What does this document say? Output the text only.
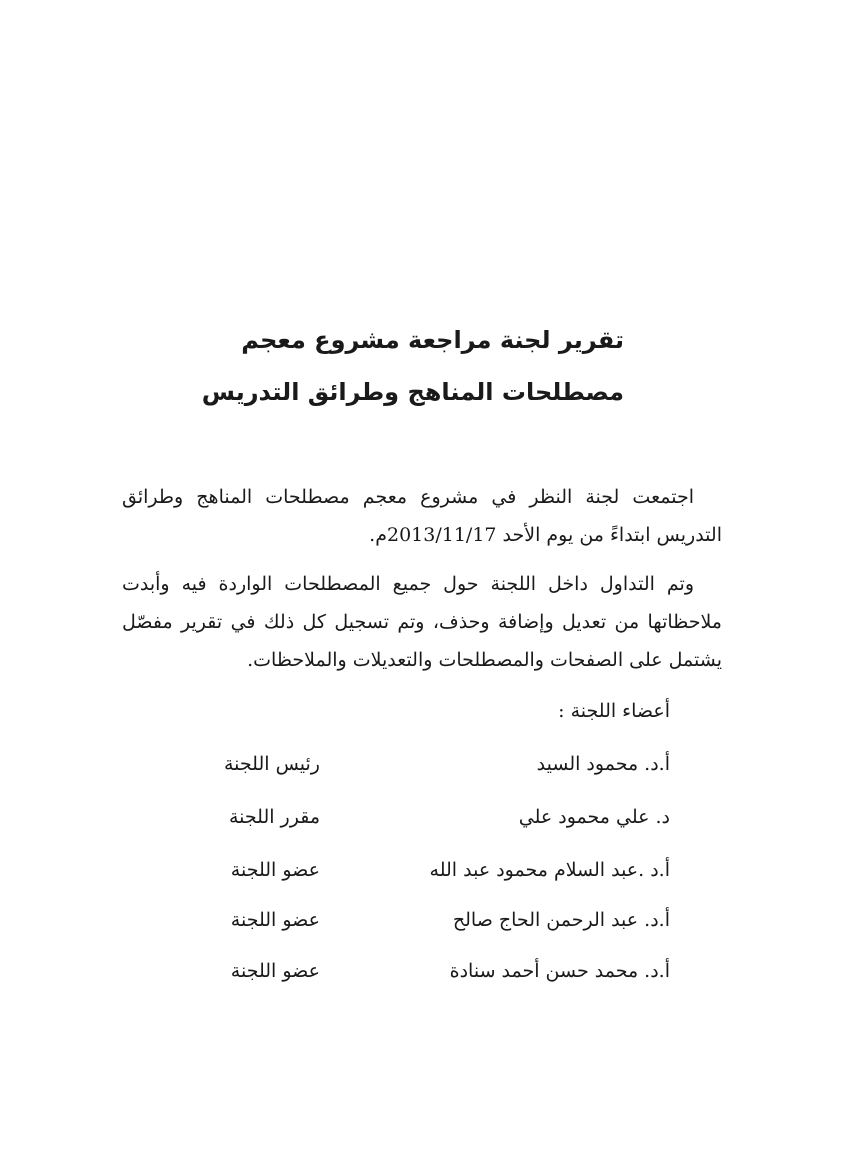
تقرير لجنة مراجعة مشروع معجم
مصطلحات المناهج وطرائق التدريس

اجتمعت لجنة النظر في مشروع معجم مصطلحات المناهج وطرائق التدريس ابتداءً من يوم الأحد 2013/11/17م.

وتم التداول داخل اللجنة حول جميع المصطلحات الواردة فيه وأبدت ملاحظاتها من تعديل وإضافة وحذف، وتم تسجيل كل ذلك في تقرير مفصّل يشتمل على الصفحات والمصطلحات والتعديلات والملاحظات.

أعضاء اللجنة :

أ.د. محمود السيد
رئيس اللجنة
د. علي محمود علي
مقرر اللجنة
أ.د .عبد السلام محمود عبد الله
عضو اللجنة
أ.د. عبد الرحمن الحاج صالح
عضو اللجنة
أ.د. محمد حسن أحمد سنادة
عضو اللجنة
